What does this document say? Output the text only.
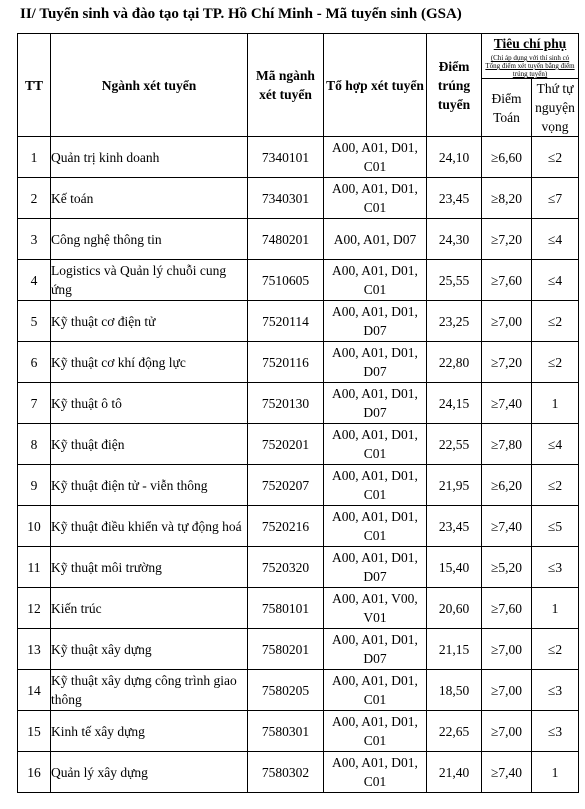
II/ Tuyển sinh và đào tạo tại TP. Hồ Chí Minh - Mã tuyển sinh (GSA)
TT	Ngành xét tuyển	Mã ngành xét tuyển	Tổ hợp xét tuyển	Điểm trúng tuyển	Tiêu chí phụ
(Chỉ áp dụng với thí sinh có Tổng điểm xét tuyển bằng điểm trúng tuyển)	

					Điểm Toán	Thứ tự nguyện vọng
1	Quản trị kinh doanh	7340101	A00, A01, D01, C01	24,10	≥6,60	≤2
2	Kế toán	7340301	A00, A01, D01, C01	23,45	≥8,20	≤7
3	Công nghệ thông tin	7480201	A00, A01, D07	24,30	≥7,20	≤4
4	Logistics và Quản lý chuỗi cung ứng	7510605	A00, A01, D01, C01	25,55	≥7,60	≤4
5	Kỹ thuật cơ điện tử	7520114	A00, A01, D01, D07	23,25	≥7,00	≤2
6	Kỹ thuật cơ khí động lực	7520116	A00, A01, D01, D07	22,80	≥7,20	≤2
7	Kỹ thuật ô tô	7520130	A00, A01, D01, D07	24,15	≥7,40	1
8	Kỹ thuật điện	7520201	A00, A01, D01, C01	22,55	≥7,80	≤4
9	Kỹ thuật điện tử - viễn thông	7520207	A00, A01, D01, C01	21,95	≥6,20	≤2
10	Kỹ thuật điều khiển và tự động hoá	7520216	A00, A01, D01, C01	23,45	≥7,40	≤5
11	Kỹ thuật môi trường	7520320	A00, A01, D01, D07	15,40	≥5,20	≤3
12	Kiến trúc	7580101	A00, A01, V00, V01	20,60	≥7,60	1
13	Kỹ thuật xây dựng	7580201	A00, A01, D01, D07	21,15	≥7,00	≤2
14	Kỹ thuật xây dựng công trình giao thông	7580205	A00, A01, D01, C01	18,50	≥7,00	≤3
15	Kinh tế xây dựng	7580301	A00, A01, D01, C01	22,65	≥7,00	≤3
16	Quản lý xây dựng	7580302	A00, A01, D01, C01	21,40	≥7,40	1
